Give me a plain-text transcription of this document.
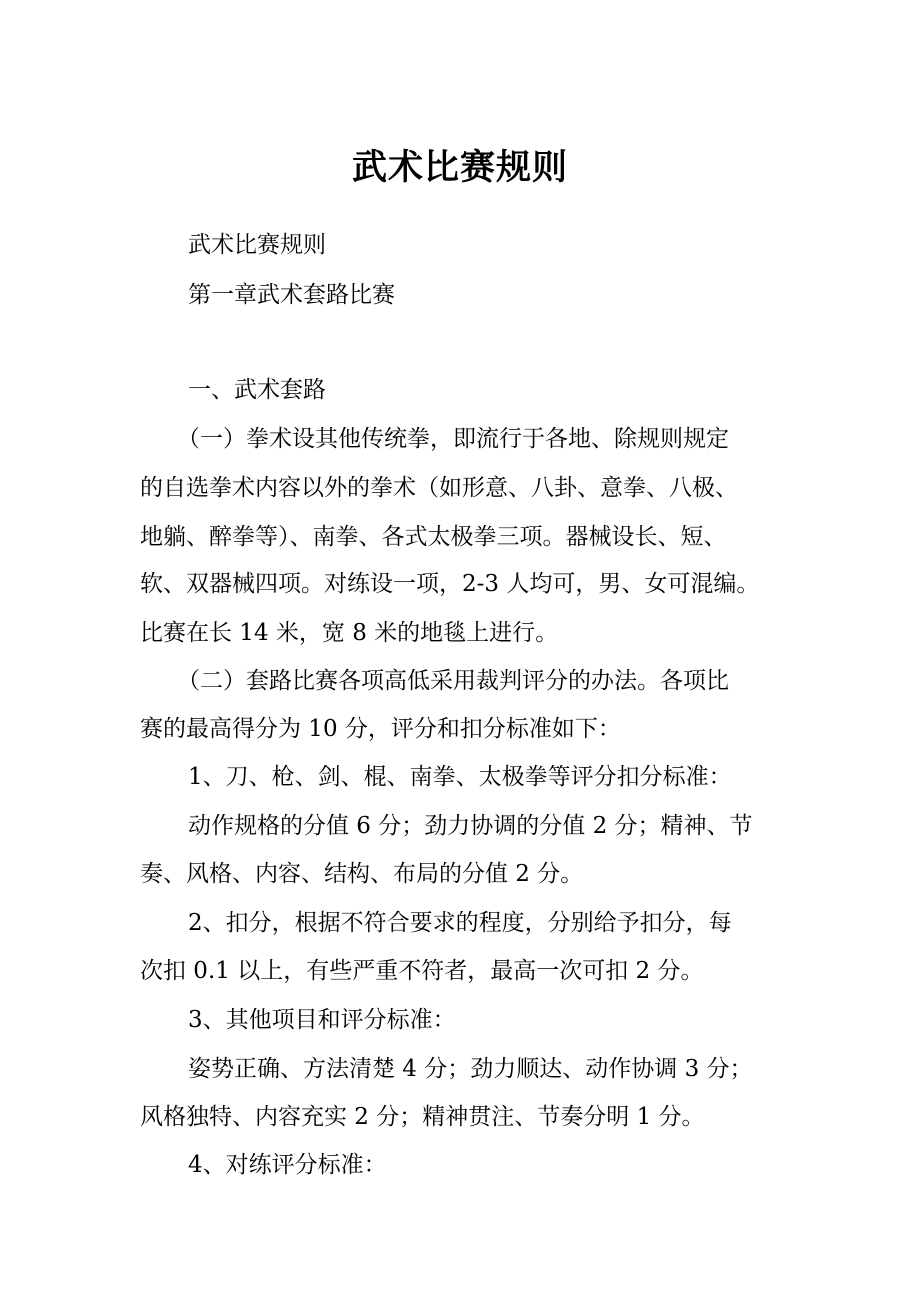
武术比赛规则
武术比赛规则
第一章武术套路比赛
一、武术套路
（一）拳术设其他传统拳，即流行于各地、除规则规定
的自选拳术内容以外的拳术（如形意、八卦、意拳、八极、
地躺、醉拳等）、南拳、各式太极拳三项。器械设长、短、
软、双器械四项。对练设一项，2-3 人均可，男、女可混编。
比赛在长 14 米，宽 8 米的地毯上进行。
（二）套路比赛各项高低采用裁判评分的办法。各项比
赛的最高得分为 10 分，评分和扣分标准如下：
1、刀、枪、剑、棍、南拳、太极拳等评分扣分标准：
动作规格的分值 6 分；劲力协调的分值 2 分；精神、节
奏、风格、内容、结构、布局的分值 2 分。
2、扣分，根据不符合要求的程度，分别给予扣分，每
次扣 0.1 以上，有些严重不符者，最高一次可扣 2 分。
3、其他项目和评分标准：
姿势正确、方法清楚 4 分；劲力顺达、动作协调 3 分；
风格独特、内容充实 2 分；精神贯注、节奏分明 1 分。
4、对练评分标准：
